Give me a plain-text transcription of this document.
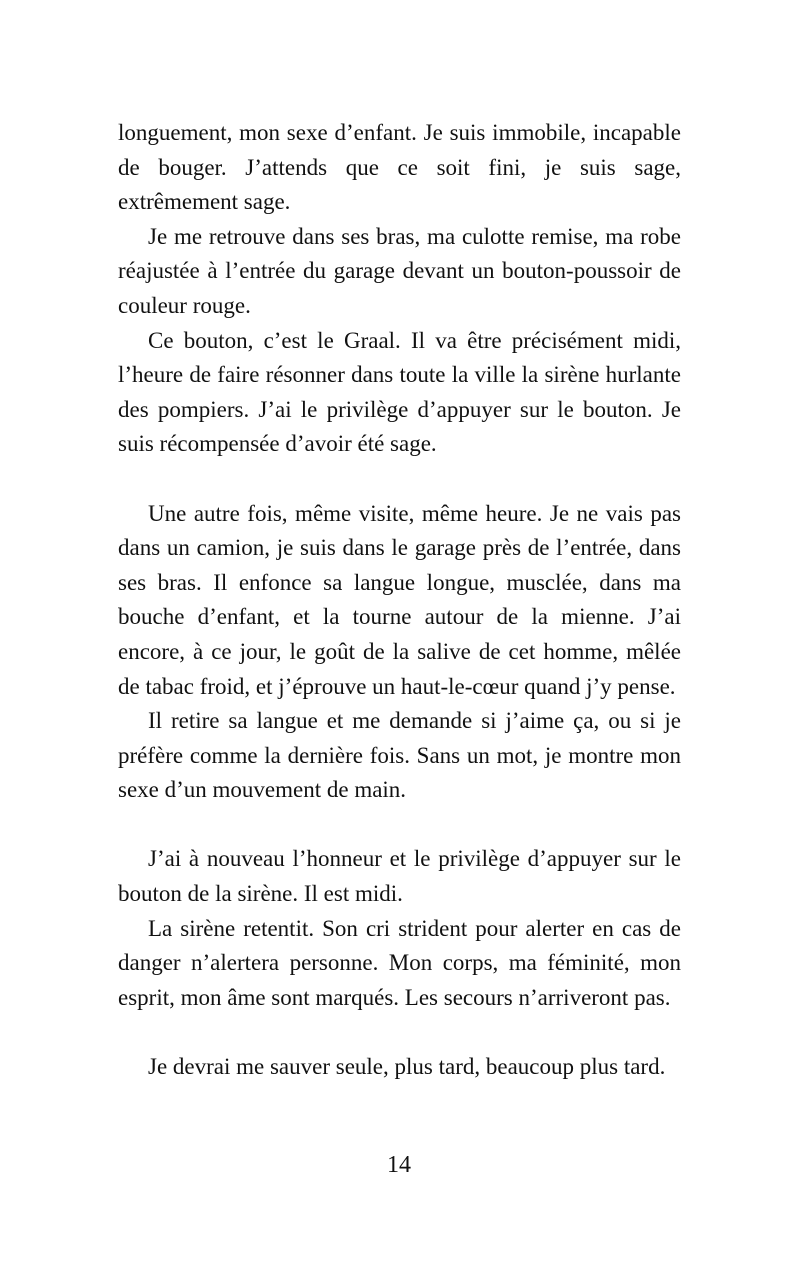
longuement, mon sexe d’enfant. Je suis immobile, incapable de bouger. J’attends que ce soit fini, je suis sage, extrêmement sage.

Je me retrouve dans ses bras, ma culotte remise, ma robe réajustée à l’entrée du garage devant un bouton-poussoir de couleur rouge.

Ce bouton, c’est le Graal. Il va être précisément midi, l’heure de faire résonner dans toute la ville la sirène hurlante des pompiers. J’ai le privilège d’appuyer sur le bouton. Je suis récompensée d’avoir été sage.

Une autre fois, même visite, même heure. Je ne vais pas dans un camion, je suis dans le garage près de l’entrée, dans ses bras. Il enfonce sa langue longue, musclée, dans ma bouche d’enfant, et la tourne autour de la mienne. J’ai encore, à ce jour, le goût de la salive de cet homme, mêlée de tabac froid, et j’éprouve un haut-le-cœur quand j’y pense.

Il retire sa langue et me demande si j’aime ça, ou si je préfère comme la dernière fois. Sans un mot, je montre mon sexe d’un mouvement de main.

J’ai à nouveau l’honneur et le privilège d’appuyer sur le bouton de la sirène. Il est midi.

La sirène retentit. Son cri strident pour alerter en cas de danger n’alertera personne. Mon corps, ma féminité, mon esprit, mon âme sont marqués. Les secours n’arriveront pas.

Je devrai me sauver seule, plus tard, beaucoup plus tard.

14
